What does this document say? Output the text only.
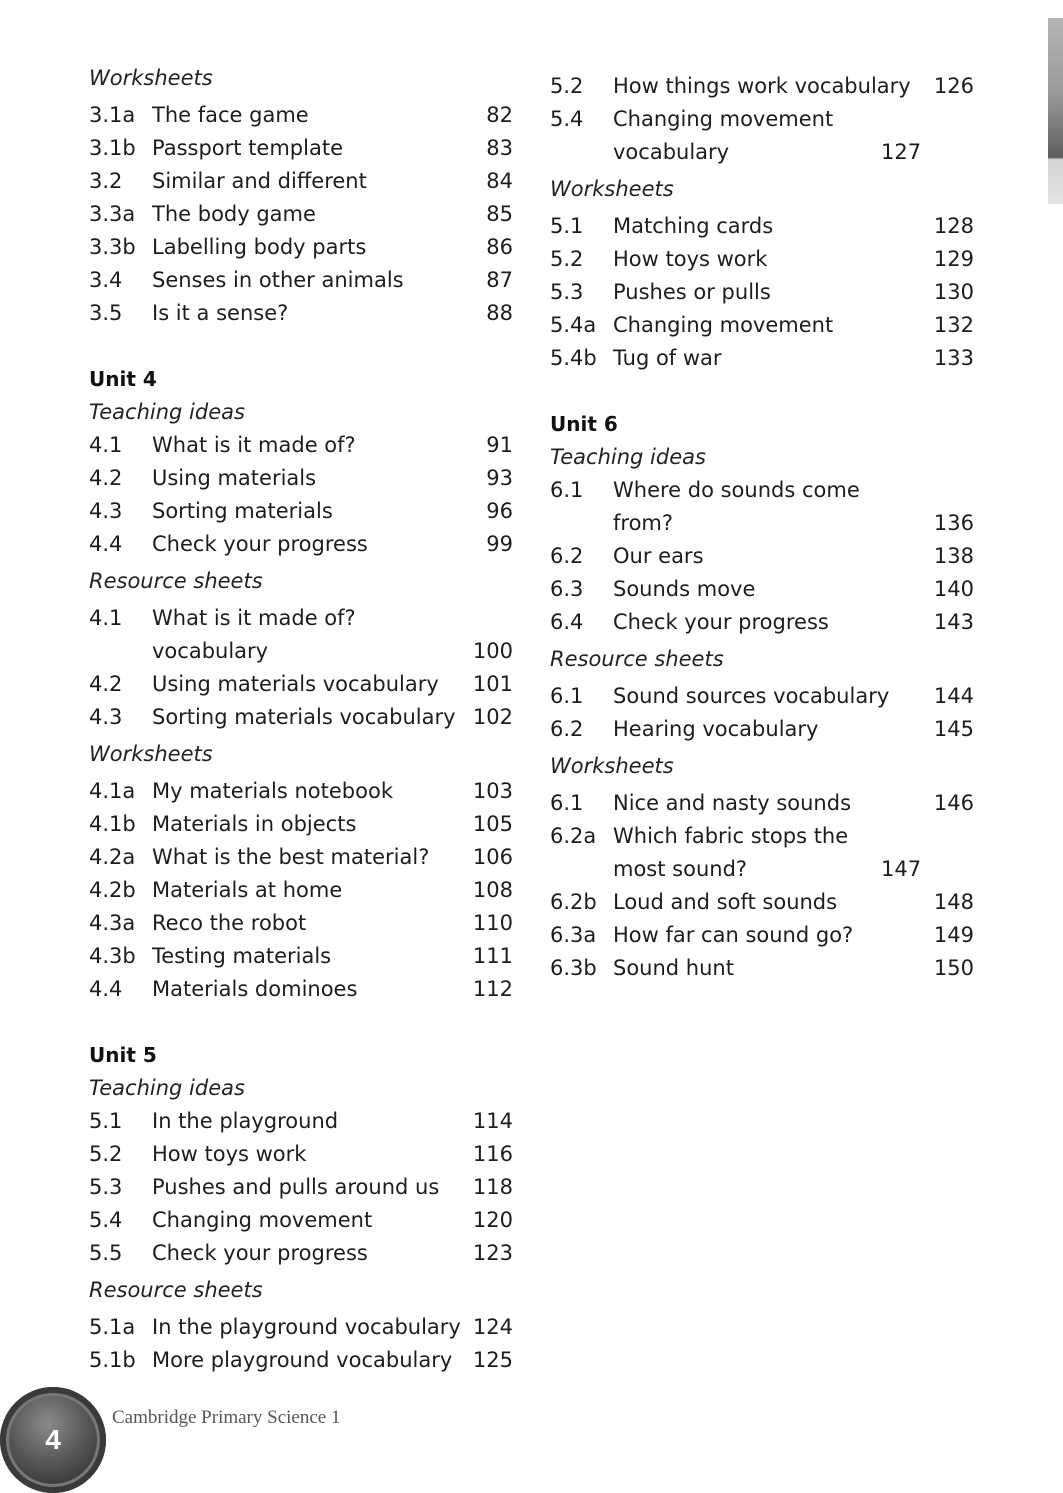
Worksheets
3.1a The face game	82
3.1b Passport template	83
3.2	Similar and different	84
3.3a The body game	85
3.3b Labelling body parts	86
3.4	Senses in other animals	87
3.5	Is it a sense?	88
Unit 4
Teaching ideas
4.1	What is it made of?	91
4.2	Using materials	93
4.3	Sorting materials	96
4.4	Check your progress	99
Resource sheets
4.1	What is it made of? vocabulary	100
4.2	Using materials vocabulary	101
4.3	Sorting materials vocabulary 102
Worksheets
4.1a My materials notebook	103
4.1b Materials in objects	105
4.2a What is the best material?	106
4.2b Materials at home	108
4.3a Reco the robot	110
4.3b Testing materials	111
4.4	Materials dominoes	112
Unit 5
Teaching ideas
5.1	In the playground	114
5.2	How toys work	116
5.3	Pushes and pulls around us	118
5.4	Changing movement	120
5.5	Check your progress	123
Resource sheets
5.1a In the playground vocabulary 124
5.1b More playground vocabulary 125
5.2	How things work vocabulary	126
5.4	Changing movement vocabulary	127
Worksheets
5.1	Matching cards	128
5.2	How toys work	129
5.3	Pushes or pulls	130
5.4a Changing movement	132
5.4b Tug of war	133
Unit 6
Teaching ideas
6.1	Where do sounds come from?	136
6.2	Our ears	138
6.3	Sounds move	140
6.4	Check your progress	143
Resource sheets
6.1	Sound sources vocabulary	144
6.2	Hearing vocabulary	145
Worksheets
6.1	Nice and nasty sounds	146
6.2a Which fabric stops the most sound?	147
6.2b Loud and soft sounds	148
6.3a How far can sound go?	149
6.3b Sound hunt	150
4
Cambridge Primary Science 1
